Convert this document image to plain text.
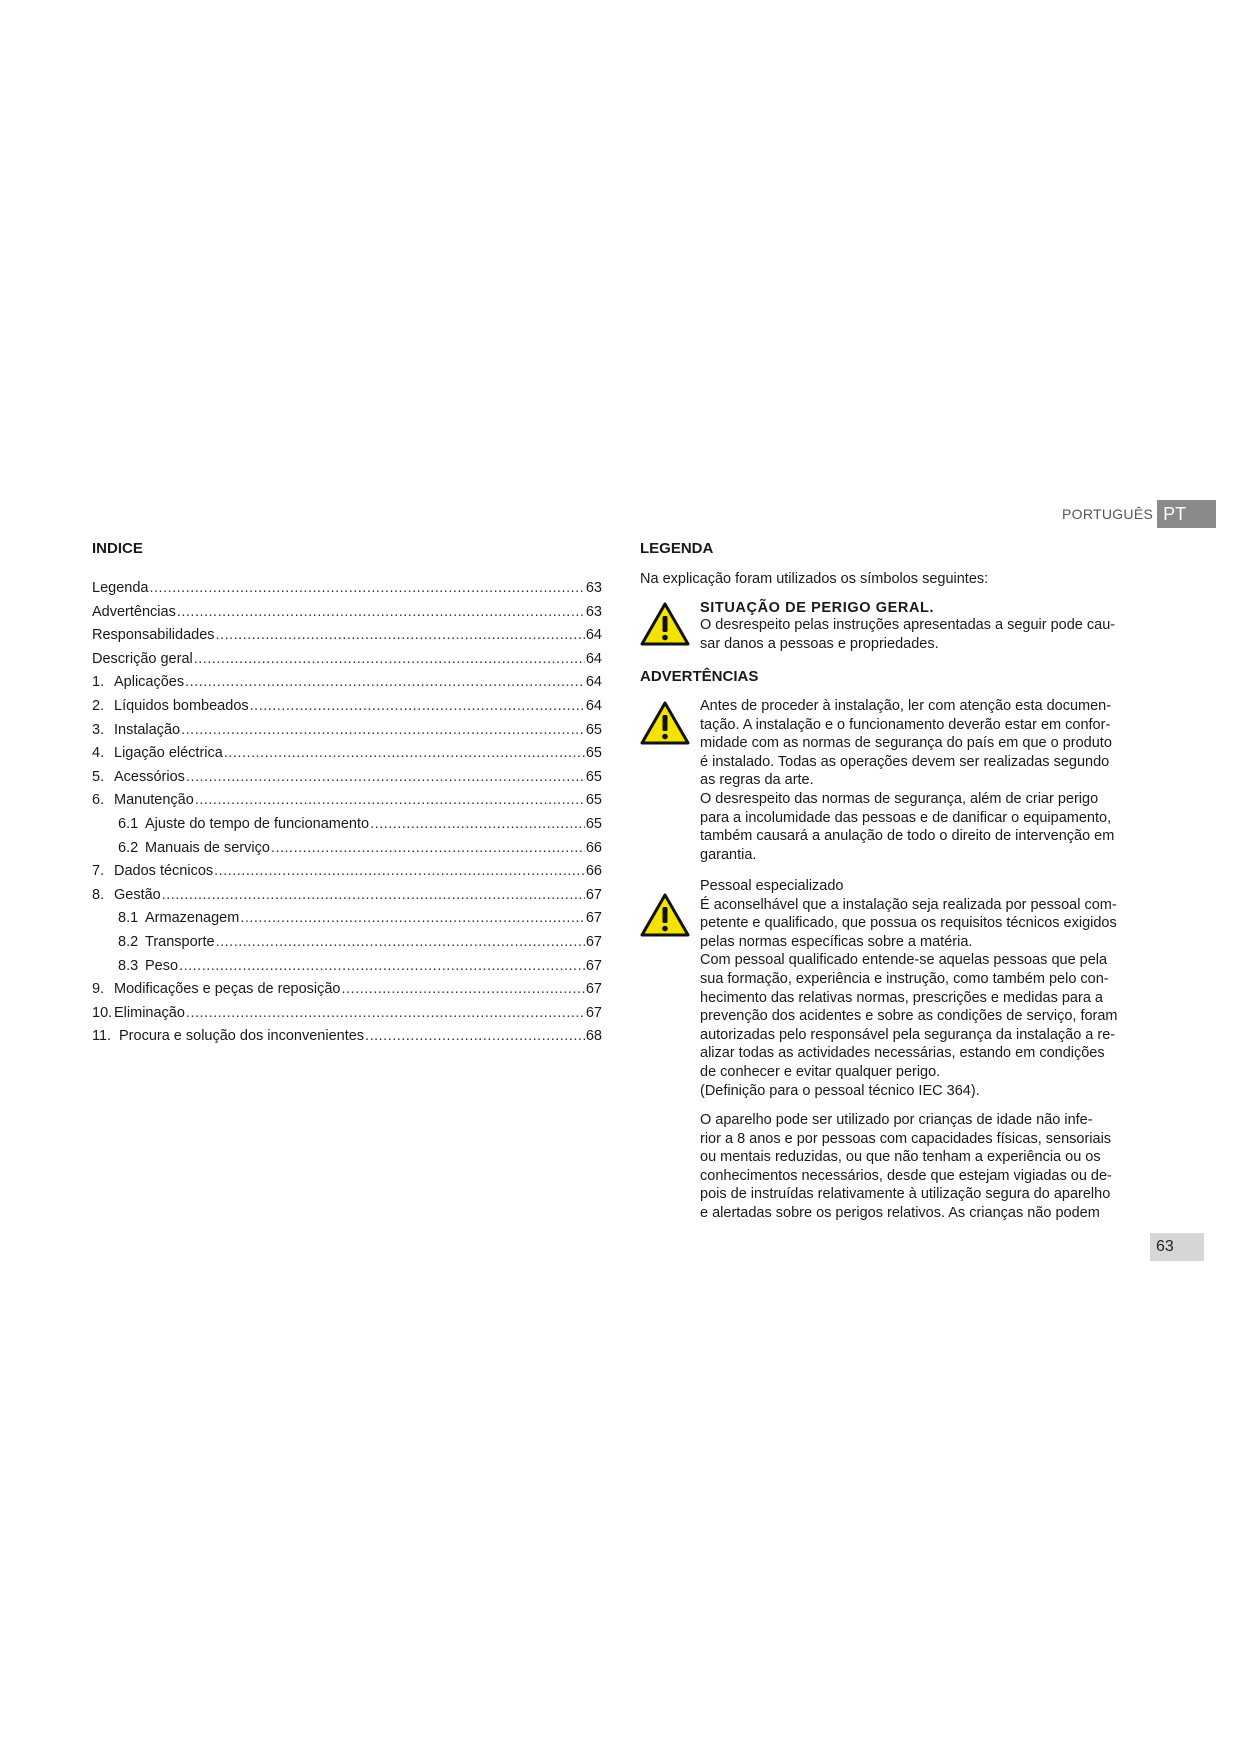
PORTUGUÊS PT
INDICE
Legenda .....	63
Advertências .....	63
Responsabilidades .....	64
Descrição geral .....	64
1. Aplicações .....	64
2. Líquidos bombeados .....	64
3. Instalação .....	65
4. Ligação eléctrica .....	65
5. Acessórios .....	65
6. Manutenção .....	65
6.1 Ajuste do tempo de funcionamento .....	65
6.2 Manuais de serviço .....	66
7. Dados técnicos .....	66
8. Gestão .....	67
8.1 Armazenagem .....	67
8.2 Transporte .....	67
8.3 Peso .....	67
9. Modificações e peças de reposição .....	67
10. Eliminação .....	67
11. Procura e solução dos inconvenientes .....	68
LEGENDA

Na explicação foram utilizados os símbolos seguintes:

SITUAÇÃO DE PERIGO GERAL.

O desrespeito pelas instruções apresentadas a seguir pode cau-

sar danos a pessoas e propriedades.

ADVERTÊNCIAS

Antes de proceder à instalação, ler com atenção esta documen-

tação. A instalação e o funcionamento deverão estar em confor-

midade com as normas de segurança do país em que o produto

é instalado. Todas as operações devem ser realizadas segundo

as regras da arte.

O desrespeito das normas de segurança, além de criar perigo

para a incolumidade das pessoas e de danificar o equipamento,

também causará a anulação de todo o direito de intervenção em

garantia.

Pessoal especializado

É aconselhável que a instalação seja realizada por pessoal com-

petente e qualificado, que possua os requisitos técnicos exigidos

pelas normas específicas sobre a matéria.

Com pessoal qualificado entende-se aquelas pessoas que pela

sua formação, experiência e instrução, como também pelo con-

hecimento das relativas normas, prescrições e medidas para a

prevenção dos acidentes e sobre as condições de serviço, foram

autorizadas pelo responsável pela segurança da instalação a re-

alizar todas as actividades necessárias, estando em condições

de conhecer e evitar qualquer perigo.

(Definição para o pessoal técnico IEC 364).

O aparelho pode ser utilizado por crianças de idade não infe-

rior a 8 anos e por pessoas com capacidades físicas, sensoriais

ou mentais reduzidas, ou que não tenham a experiência ou os

conhecimentos necessários, desde que estejam vigiadas ou de-

pois de instruídas relativamente à utilização segura do aparelho

e alertadas sobre os perigos relativos. As crianças não podem

63
